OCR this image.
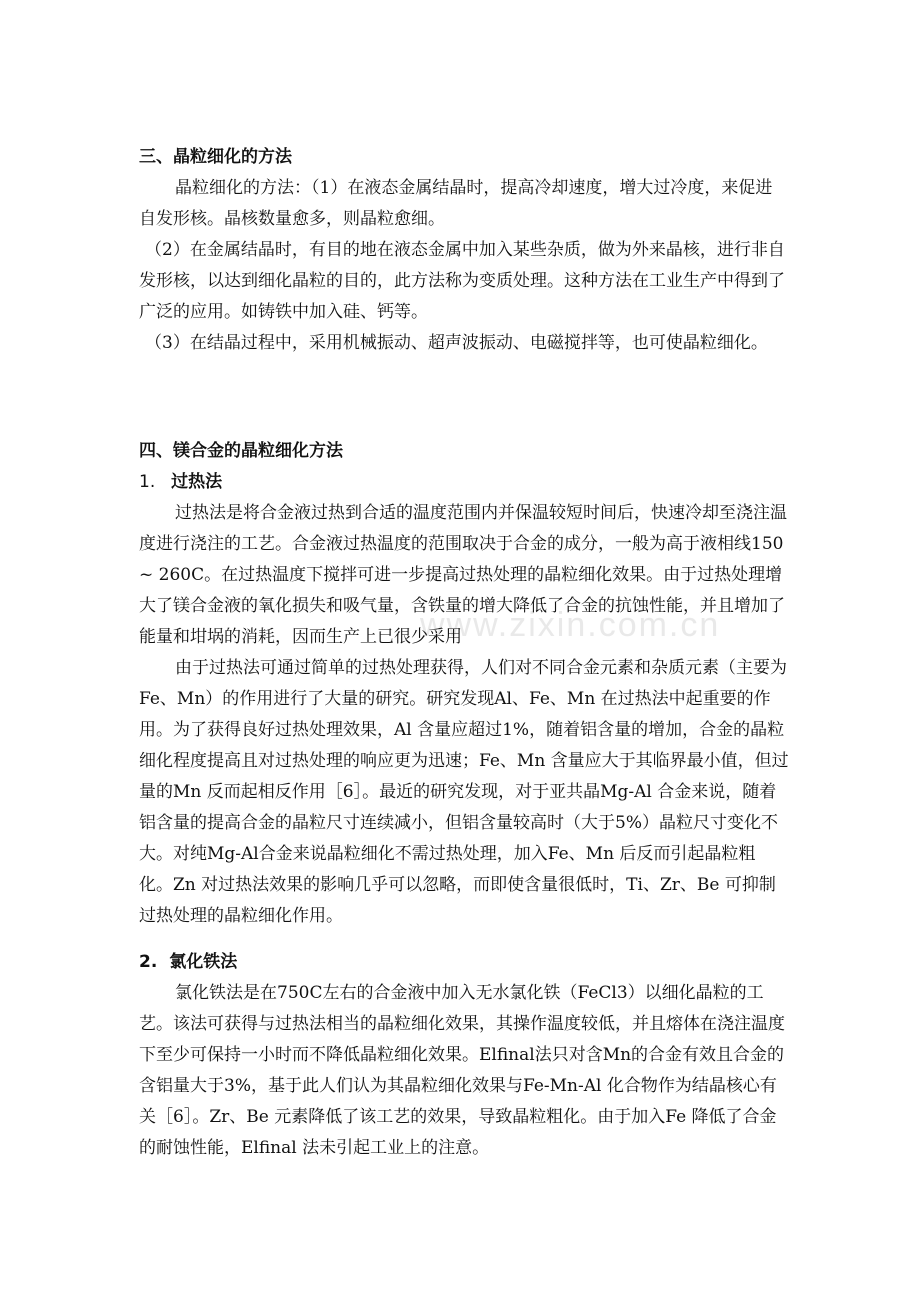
www.zixin.com.cn
三、晶粒细化的方法

晶粒细化的方法：（1）在液态金属结晶时，提高冷却速度，增大过冷度，来促进自发形核。晶核数量愈多，则晶粒愈细。

（2）在金属结晶时，有目的地在液态金属中加入某些杂质，做为外来晶核，进行非自发形核，以达到细化晶粒的目的，此方法称为变质处理。这种方法在工业生产中得到了广泛的应用。如铸铁中加入硅、钙等。

（3）在结晶过程中，采用机械振动、超声波振动、电磁搅拌等，也可使晶粒细化。

四、镁合金的晶粒细化方法
1. 过热法

过热法是将合金液过热到合适的温度范围内并保温较短时间后，快速冷却至浇注温度进行浇注的工艺。合金液过热温度的范围取决于合金的成分，一般为高于液相线150 ~ 260C。在过热温度下搅拌可进一步提高过热处理的晶粒细化效果。由于过热处理增大了镁合金液的氧化损失和吸气量，含铁量的增大降低了合金的抗蚀性能，并且增加了能量和坩埚的消耗，因而生产上已很少采用

由于过热法可通过简单的过热处理获得，人们对不同合金元素和杂质元素（主要为Fe、Mn）的作用进行了大量的研究。研究发现Al、Fe、Mn 在过热法中起重要的作用。为了获得良好过热处理效果，Al 含量应超过1%，随着铝含量的增加，合金的晶粒细化程度提高且对过热处理的响应更为迅速；Fe、Mn 含量应大于其临界最小值，但过量的Mn 反而起相反作用［6］。最近的研究发现，对于亚共晶Mg-Al 合金来说，随着铝含量的提高合金的晶粒尺寸连续减小，但铝含量较高时（大于5%）晶粒尺寸变化不大。对纯Mg-Al合金来说晶粒细化不需过热处理，加入Fe、Mn 后反而引起晶粒粗化。Zn 对过热法效果的影响几乎可以忽略，而即使含量很低时，Ti、Zr、Be 可抑制过热处理的晶粒细化作用。

2. 氯化铁法

氯化铁法是在750C左右的合金液中加入无水氯化铁（FeCl3）以细化晶粒的工艺。该法可获得与过热法相当的晶粒细化效果，其操作温度较低，并且熔体在浇注温度下至少可保持一小时而不降低晶粒细化效果。Elfinal法只对含Mn的合金有效且合金的含铝量大于3%，基于此人们认为其晶粒细化效果与Fe-Mn-Al 化合物作为结晶核心有关［6］。Zr、Be 元素降低了该工艺的效果，导致晶粒粗化。由于加入Fe 降低了合金的耐蚀性能，Elfinal 法未引起工业上的注意。
